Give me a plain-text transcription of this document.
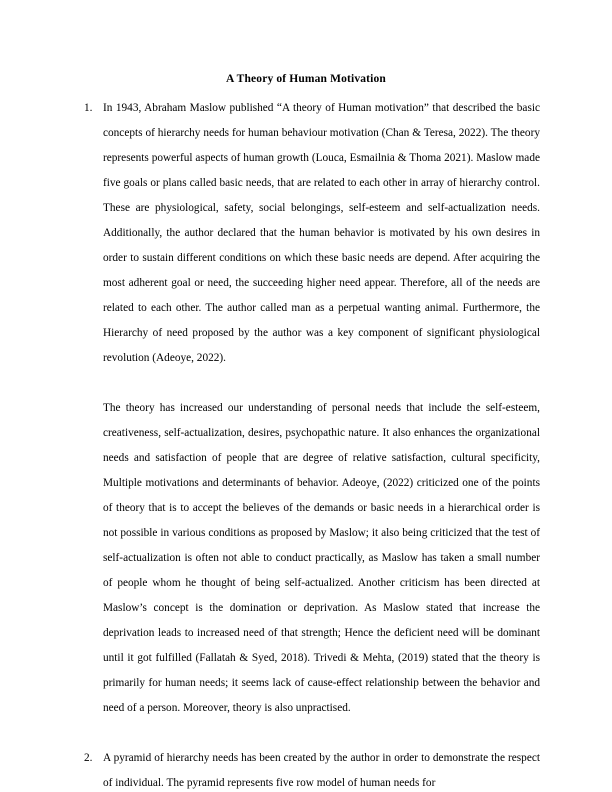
A Theory of Human Motivation
1. In 1943, Abraham Maslow published “A theory of Human motivation” that described the basic concepts of hierarchy needs for human behaviour motivation (Chan & Teresa, 2022). The theory represents powerful aspects of human growth (Louca, Esmailnia & Thoma 2021). Maslow made five goals or plans called basic needs, that are related to each other in array of hierarchy control. These are physiological, safety, social belongings, self-esteem and self-actualization needs. Additionally, the author declared that the human behavior is motivated by his own desires in order to sustain different conditions on which these basic needs are depend. After acquiring the most adherent goal or need, the succeeding higher need appear. Therefore, all of the needs are related to each other. The author called man as a perpetual wanting animal. Furthermore, the Hierarchy of need proposed by the author was a key component of significant physiological revolution (Adeoye, 2022).
The theory has increased our understanding of personal needs that include the self-esteem, creativeness, self-actualization, desires, psychopathic nature. It also enhances the organizational needs and satisfaction of people that are degree of relative satisfaction, cultural specificity, Multiple motivations and determinants of behavior. Adeoye, (2022) criticized one of the points of theory that is to accept the believes of the demands or basic needs in a hierarchical order is not possible in various conditions as proposed by Maslow; it also being criticized that the test of self-actualization is often not able to conduct practically, as Maslow has taken a small number of people whom he thought of being self-actualized. Another criticism has been directed at Maslow’s concept is the domination or deprivation. As Maslow stated that increase the deprivation leads to increased need of that strength; Hence the deficient need will be dominant until it got fulfilled (Fallatah & Syed, 2018). Trivedi & Mehta, (2019) stated that the theory is primarily for human needs; it seems lack of cause-effect relationship between the behavior and need of a person. Moreover, theory is also unpractised.
2. A pyramid of hierarchy needs has been created by the author in order to demonstrate the respect of individual. The pyramid represents five row model of human needs for
